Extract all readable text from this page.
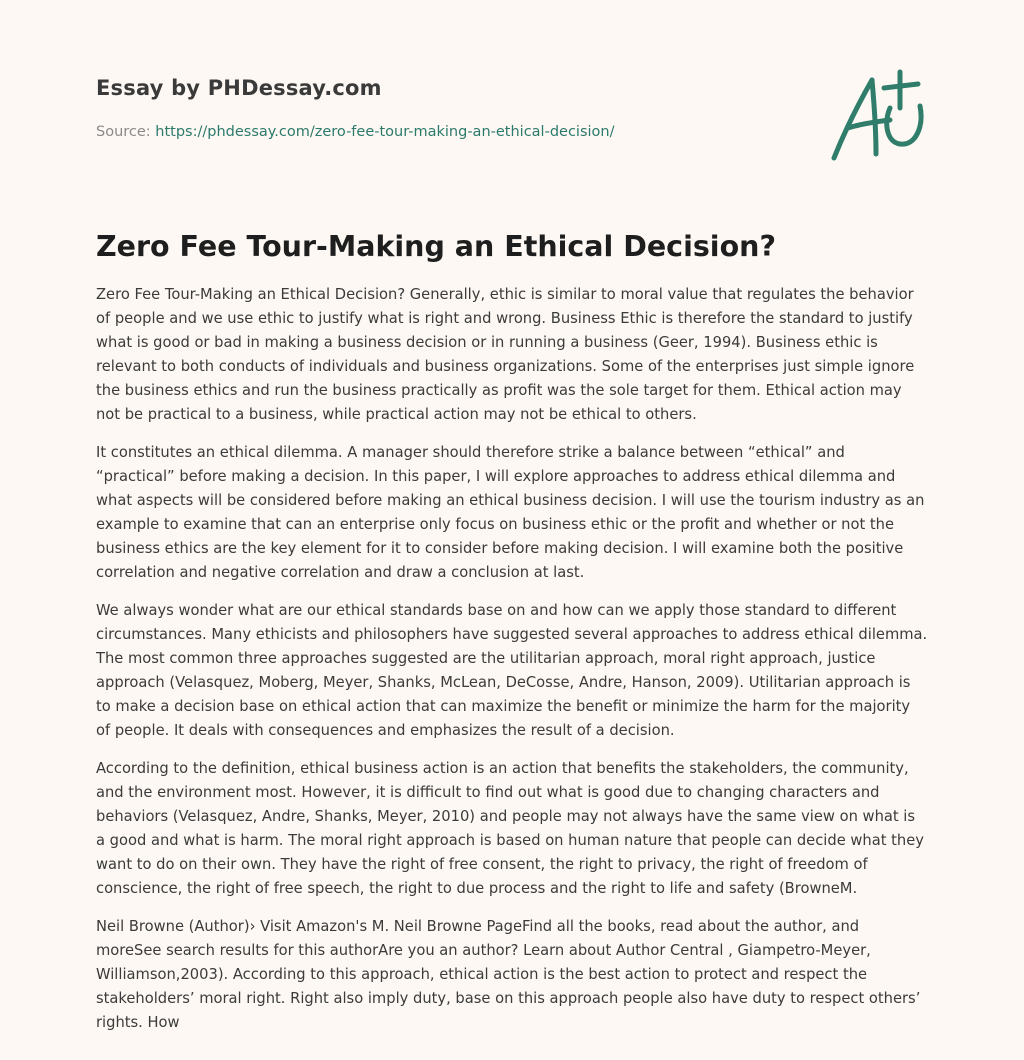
Essay by PHDessay.com
Source: https://phdessay.com/zero-fee-tour-making-an-ethical-decision/
Zero Fee Tour-Making an Ethical Decision?

Zero Fee Tour-Making an Ethical Decision? Generally, ethic is similar to moral value that regulates the behavior of people and we use ethic to justify what is right and wrong. Business Ethic is therefore the standard to justify what is good or bad in making a business decision or in running a business (Geer, 1994). Business ethic is relevant to both conducts of individuals and business organizations. Some of the enterprises just simple ignore the business ethics and run the business practically as profit was the sole target for them. Ethical action may not be practical to a business, while practical action may not be ethical to others.

It constitutes an ethical dilemma. A manager should therefore strike a balance between “ethical” and “practical” before making a decision. In this paper, I will explore approaches to address ethical dilemma and what aspects will be considered before making an ethical business decision. I will use the tourism industry as an example to examine that can an enterprise only focus on business ethic or the profit and whether or not the business ethics are the key element for it to consider before making decision. I will examine both the positive correlation and negative correlation and draw a conclusion at last.

We always wonder what are our ethical standards base on and how can we apply those standard to different circumstances. Many ethicists and philosophers have suggested several approaches to address ethical dilemma. The most common three approaches suggested are the utilitarian approach, moral right approach, justice approach (Velasquez, Moberg, Meyer, Shanks, McLean, DeCosse, Andre, Hanson, 2009). Utilitarian approach is to make a decision base on ethical action that can maximize the benefit or minimize the harm for the majority of people. It deals with consequences and emphasizes the result of a decision.

According to the definition, ethical business action is an action that benefits the stakeholders, the community, and the environment most. However, it is difficult to find out what is good due to changing characters and behaviors (Velasquez, Andre, Shanks, Meyer, 2010) and people may not always have the same view on what is a good and what is harm. The moral right approach is based on human nature that people can decide what they want to do on their own. They have the right of free consent, the right to privacy, the right of freedom of conscience, the right of free speech, the right to due process and the right to life and safety (BrowneM.

Neil Browne (Author)› Visit Amazon's M. Neil Browne PageFind all the books, read about the author, and moreSee search results for this authorAre you an author? Learn about Author Central , Giampetro-Meyer, Williamson,2003). According to this approach, ethical action is the best action to protect and respect the stakeholders’ moral right. Right also imply duty, base on this approach people also have duty to respect others’ rights. How
